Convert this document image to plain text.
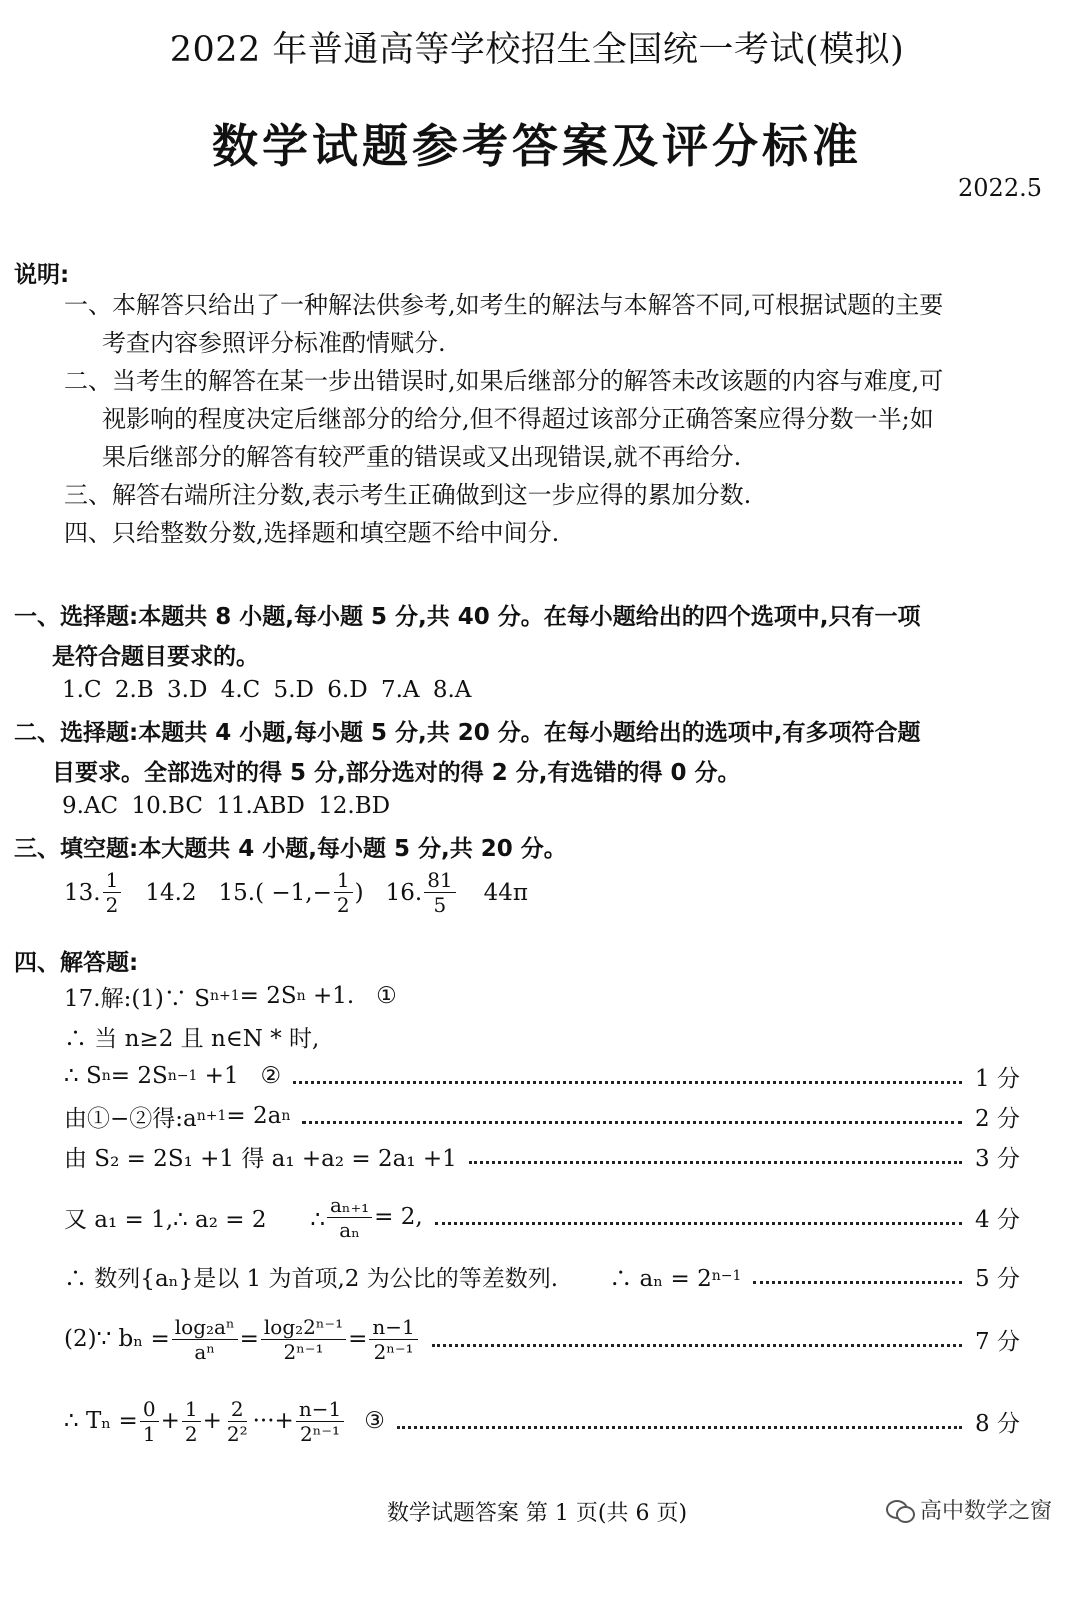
2022 年普通高等学校招生全国统一考试(模拟)
数学试题参考答案及评分标准
2022.5
说明:
一、本解答只给出了一种解法供参考,如考生的解法与本解答不同,可根据试题的主要
考查内容参照评分标准酌情赋分.
二、当考生的解答在某一步出错误时,如果后继部分的解答未改该题的内容与难度,可
视影响的程度决定后继部分的给分,但不得超过该部分正确答案应得分数一半;如
果后继部分的解答有较严重的错误或又出现错误,就不再给分.
三、解答右端所注分数,表示考生正确做到这一步应得的累加分数.
四、只给整数分数,选择题和填空题不给中间分.
一、选择题:本题共 8 小题,每小题 5 分,共 40 分。在每小题给出的四个选项中,只有一项
是符合题目要求的。
1.C 2.B 3.D 4.C 5.D 6.D 7.A 8.A
二、选择题:本题共 4 小题,每小题 5 分,共 20 分。在每小题给出的选项中,有多项符合题
目要求。全部选对的得 5 分,部分选对的得 2 分,有选错的得 0 分。
9.AC 10.BC 11.ABD 12.BD
三、填空题:本大题共 4 小题,每小题 5 分,共 20 分。
13. $\frac{1}{2} 14.2$ $15.( -1,- \frac{1}{2}$ ) 16. $\frac{81}{5} 44\pi$
四、解答题:
17.解:(1)∵ S n+1 = 2S n +1.   ①
∴ 当 n≥2 且 n∈N * 时,
∴ S n = 2S n−1 +1   ②	1 分
由①−②得:a n+1 = 2a n	2 分
由 S₂ = 2S₁ +1 得 a₁ +a₂ = 2a₁ +1	3 分
又 a₁ = 1,∴ a₂ = 2      ∴ $\frac{\text{aₙ₊₁}}{\text{aₙ}} = 2$,	4 分
∴ 数列{aₙ}是以 1 为首项,2 为公比的等差数列.       ∴ aₙ = 2 n−1	5 分
(2)∵ $b_n = \frac{\text{log₂aⁿ}}{\text{aⁿ}} = \frac{\text{log₂2ⁿ⁻¹}}{\text{2ⁿ⁻¹}} = \frac{n-1}{\text{2ⁿ⁻¹}}$	7 分
∴ $T_n = \frac{0}{1} + \frac{1}{2} + \frac{2}{\text{2²}}$ ···+ $\frac{n-1}{\text{2ⁿ⁻¹}}$ ③	8 分
数学试题答案 第 1 页(共 6 页)	高中数学之窗
